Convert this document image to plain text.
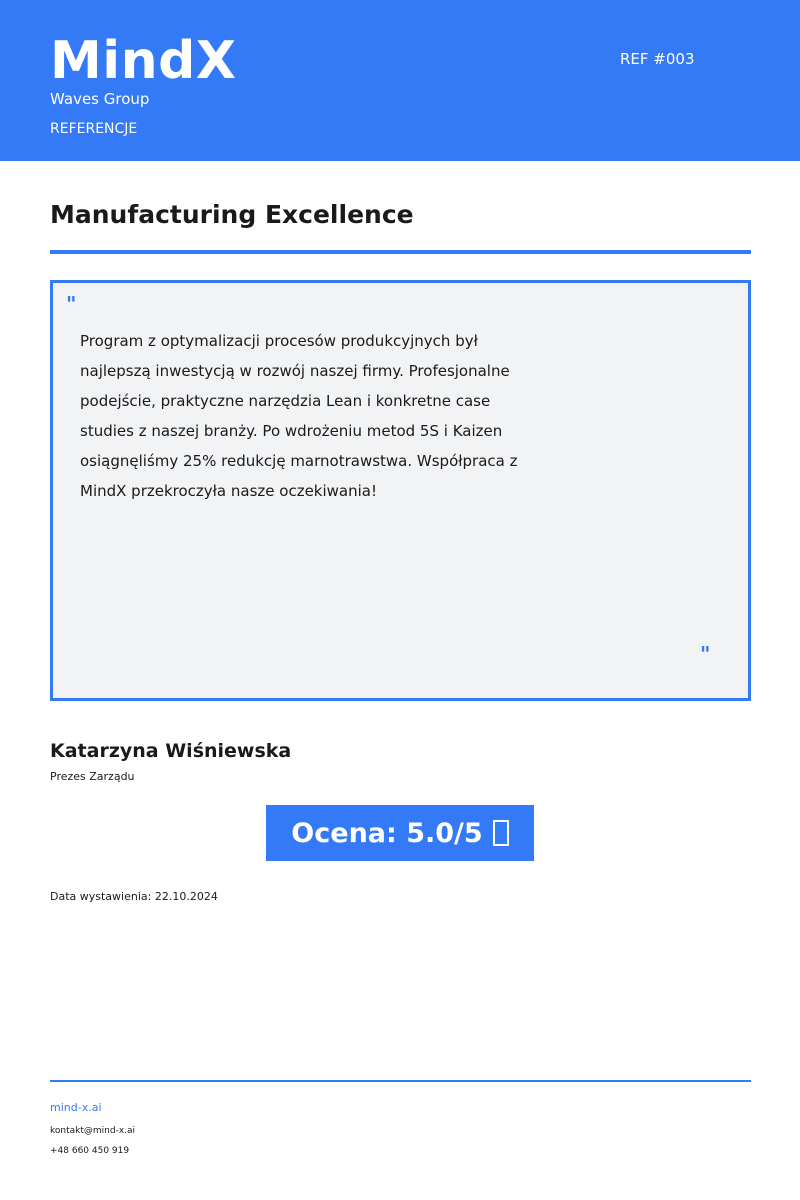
MindX
Waves Group
REFERENCJE
REF #003
Manufacturing Excellence
"
Program z optymalizacji procesów produkcyjnych był najlepszą inwestycją w rozwój naszej firmy. Profesjonalne podejście, praktyczne narzędzia Lean i konkretne case studies z naszej branży. Po wdrożeniu metod 5S i Kaizen osiągnęliśmy 25% redukcję marnotrawstwa. Współpraca z MindX przekroczyła nasze oczekiwania!
"
Katarzyna Wiśniewska
Prezes Zarządu
Ocena: 5.0/5
Data wystawienia: 22.10.2024
mind-x.ai
kontakt@mind-x.ai
+48 660 450 919
